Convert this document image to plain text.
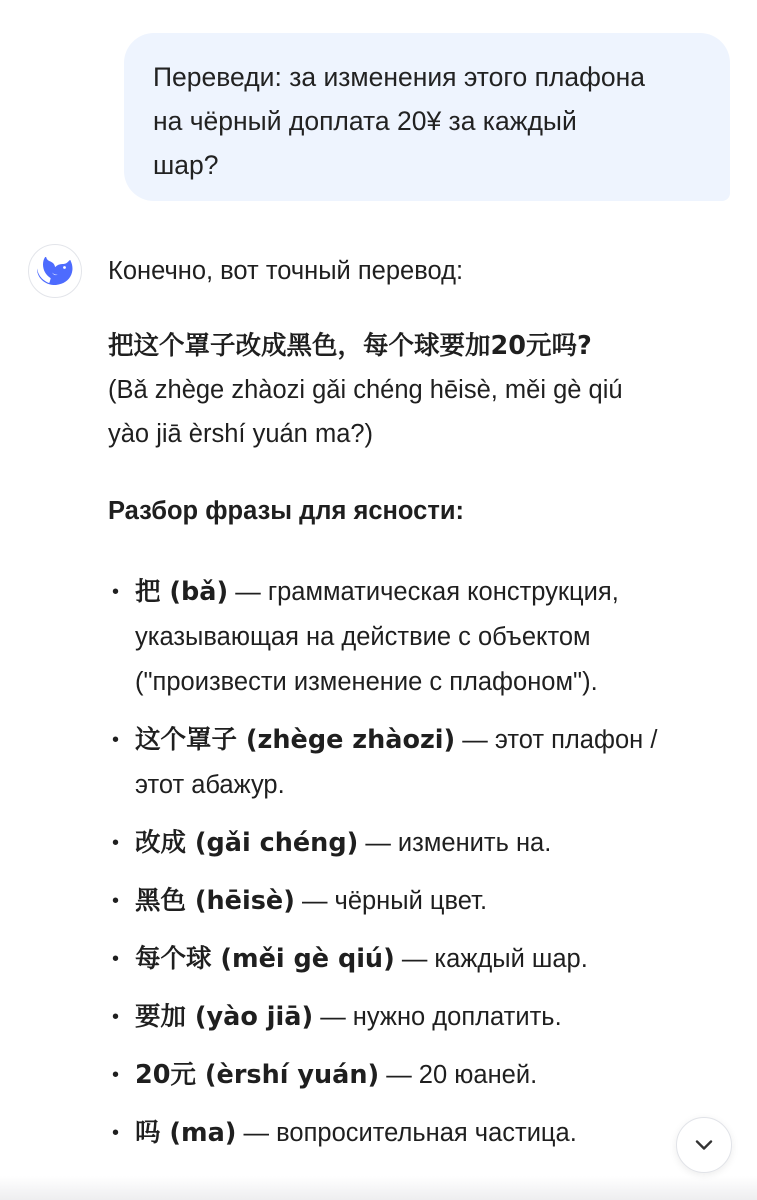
Переведи: за изменения этого плафона
на чёрный доплата 20¥ за каждый
шар?

Конечно, вот точный перевод:

把这个罩子改成黑色，每个球要加20元吗?

(Bǎ zhège zhàozi gǎi chéng hēisè, měi gè qiú

yào jiā èrshí yuán ma?)

Разбор фразы для ясности:

• 把 (bǎ) — грамматическая конструкция,
указывающая на действие с объектом
("произвести изменение с плафоном").
• 这个罩子 (zhège zhàozi) — этот плафон /
этот абажур.
• 改成 (gǎi chéng) — изменить на.
• 黑色 (hēisè) — чёрный цвет.
• 每个球 (měi gè qiú) — каждый шар.
• 要加 (yào jiā) — нужно доплатить.
• 20元 (èrshí yuán) — 20 юаней.
• 吗 (ma) — вопросительная частица.
